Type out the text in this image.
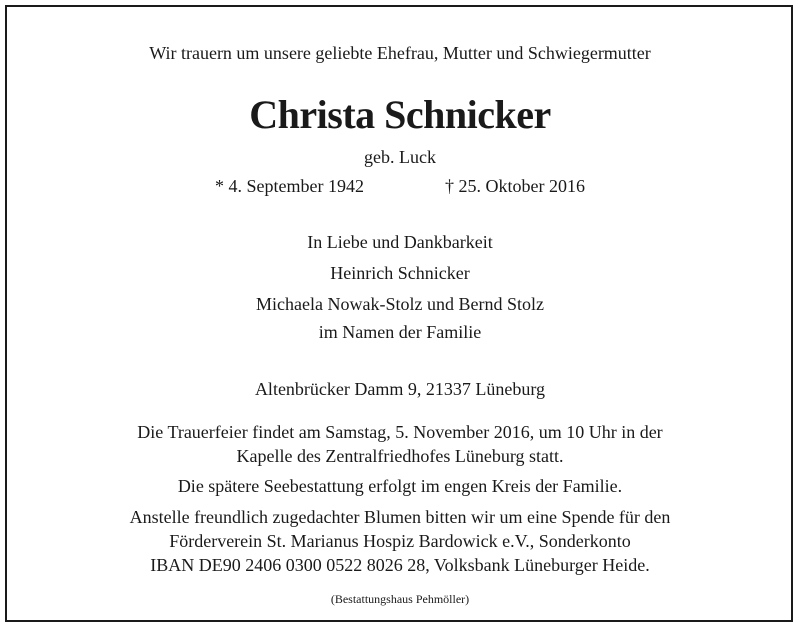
Wir trauern um unsere geliebte Ehefrau, Mutter und Schwiegermutter
Christa Schnicker
geb. Luck
* 4. September 1942	† 25. Oktober 2016
In Liebe und Dankbarkeit
Heinrich Schnicker
Michaela Nowak-Stolz und Bernd Stolz
im Namen der Familie
Altenbrücker Damm 9, 21337 Lüneburg
Die Trauerfeier findet am Samstag, 5. November 2016, um 10 Uhr in der
Kapelle des Zentralfriedhofes Lüneburg statt.
Die spätere Seebestattung erfolgt im engen Kreis der Familie.
Anstelle freundlich zugedachter Blumen bitten wir um eine Spende für den
Förderverein St. Marianus Hospiz Bardowick e.V., Sonderkonto
IBAN DE90 2406 0300 0522 8026 28, Volksbank Lüneburger Heide.
(Bestattungshaus Pehmöller)
